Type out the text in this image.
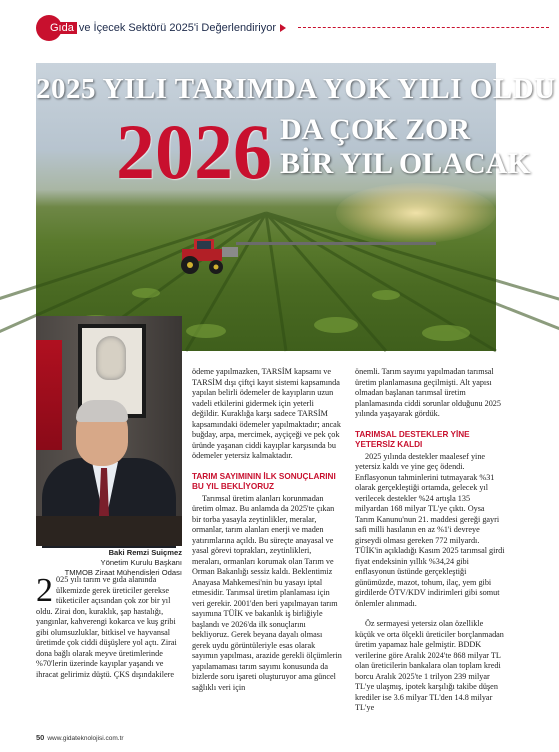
Gıda ve İçecek Sektörü 2025'i Değerlendiriyor
2025 YILI TARIMDA YOK YILI OLDU
2026 DA ÇOK ZOR
BİR YIL OLACAK
Baki Remzi Suiçmez
Yönetim Kurulu Başkanı
TMMOB Ziraat Mühendisleri Odası

2 025 yılı tarım ve gıda alanında ülkemizde gerek üreticiler gerekse tüketiciler açısından çok zor bir yıl oldu. Zirai don, kuraklık, şap hastalığı, yangınlar, kahverengi kokarca ve kuş gribi gibi olumsuzluklar, bitkisel ve hayvansal üretimde çok ciddi düşüşlere yol açtı. Zirai dona bağlı olarak meyve üretimlerinde %70'lerin üzerinde kayıplar yaşandı ve ihracat gelirimiz düştü. ÇKS dışındakilere

ödeme yapılmazken, TARSİM kapsamı ve TARSİM dışı çiftçi kayıt sistemi kapsamında yapılan belirli ödemeler de kayıpların uzun vadeli etkilerini gidermek için yeterli değildir. Kuraklığa karşı sadece TARSİM kapsamındaki ödemeler yapılmaktadır; ancak buğday, arpa, mercimek, ayçiçeği ve pek çok üründe yaşanan ciddi kayıplar karşısında bu ödemeler yetersiz kalmaktadır.

TARIM SAYIMININ İLK SONUÇLARINI BU YIL BEKLİYORUZ

Tarımsal üretim alanları korunmadan üretim olmaz. Bu anlamda da 2025'te çıkan bir torba yasayla zeytinlikler, meralar, ormanlar, tarım alanları enerji ve maden yatırımlarına açıldı. Bu süreçte anayasal ve yasal görevi toprakları, zeytinlikleri, meraları, ormanları korumak olan Tarım ve Orman Bakanlığı sessiz kaldı. Beklentimiz Anayasa Mahkemesi'nin bu yasayı iptal etmesidir. Tarımsal üretim planlaması için veri gerekir. 2001'den beri yapılmayan tarım sayımına TÜİK ve bakanlık iş birliğiyle başlandı ve 2026'da ilk sonuçlarını bekliyoruz. Gerek beyana dayalı olması gerek uydu görüntüleriyle esas olarak sayımın yapılması, arazide gerekli ölçümlerin yapılamaması tarım sayımı konusunda da bizlerde soru işareti oluşturuyor ama güncel sağlıklı veri için

önemli. Tarım sayımı yapılmadan tarımsal üretim planlamasına geçilmişti. Alt yapısı olmadan başlanan tarımsal üretim planlamasında ciddi sorunlar olduğunu 2025 yılında yaşayarak gördük.

TARIMSAL DESTEKLER YİNE YETERSİZ KALDI

2025 yılında destekler maalesef yine yetersiz kaldı ve yine geç ödendi. Enflasyonun tahminlerini tutmayarak %31 olarak gerçekleştiği ortamda, gelecek yıl verilecek destekler %24 artışla 135 milyardan 168 milyar TL'ye çıktı. Oysa Tarım Kanunu'nun 21. maddesi gereği gayri safi milli hasılanın en az %1'i devreye girseydi olması gereken 772 milyardı. TÜİK'in açıkladığı Kasım 2025 tarımsal girdi fiyat endeksinin yıllık %34,24 gibi enflasyonun üstünde gerçekleştiği günümüzde, mazot, tohum, ilaç, yem gibi girdilerde ÖTV/KDV indirimleri gibi somut önlemler alınmadı.

Öz sermayesi yetersiz olan özellikle küçük ve orta ölçekli üreticiler borçlanmadan üretim yapamaz hale gelmiştir. BDDK verilerine göre Aralık 2024'te 868 milyar TL olan üreticilerin bankalara olan toplam kredi borcu Aralık 2025'te 1 trilyon 239 milyar TL'ye ulaşmış, ipotek karşılığı takibe düşen krediler ise 3.6 milyar TL'den 14.8 milyar TL'ye

50 www.gidateknolojisi.com.tr
